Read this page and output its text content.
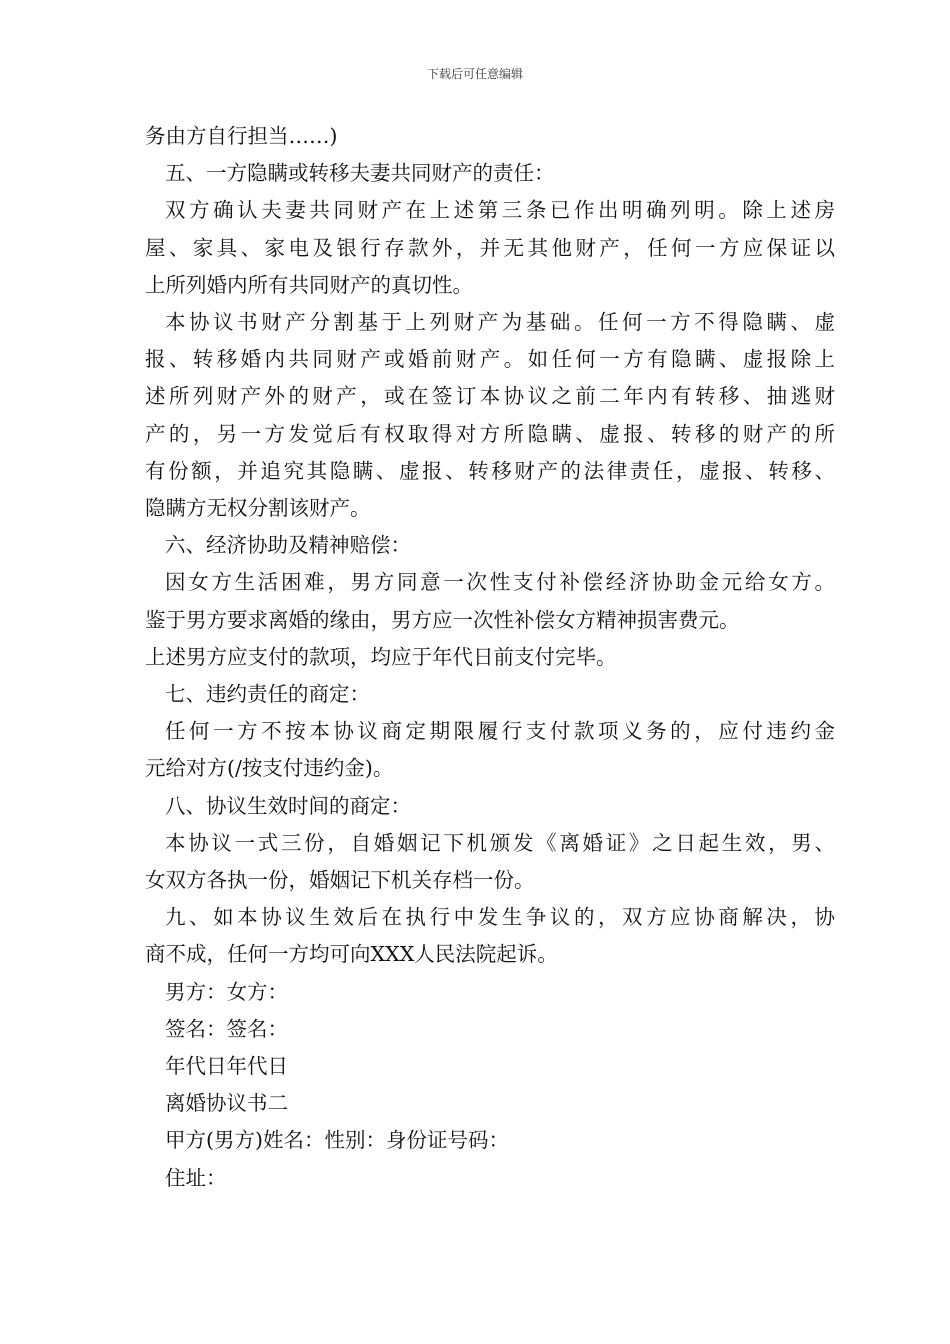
下载后可任意编辑
务由方自行担当……)
五、一方隐瞒或转移夫妻共同财产的责任：
双方确认夫妻共同财产在上述第三条已作出明确列明。除上述房
屋、家具、家电及银行存款外，并无其他财产，任何一方应保证以
上所列婚内所有共同财产的真切性。
本协议书财产分割基于上列财产为基础。任何一方不得隐瞒、虚
报、转移婚内共同财产或婚前财产。如任何一方有隐瞒、虚报除上
述所列财产外的财产，或在签订本协议之前二年内有转移、抽逃财
产的，另一方发觉后有权取得对方所隐瞒、虚报、转移的财产的所
有份额，并追究其隐瞒、虚报、转移财产的法律责任，虚报、转移、
隐瞒方无权分割该财产。
六、经济协助及精神赔偿：
因女方生活困难，男方同意一次性支付补偿经济协助金元给女方。
鉴于男方要求离婚的缘由，男方应一次性补偿女方精神损害费元。
上述男方应支付的款项，均应于年代日前支付完毕。
七、违约责任的商定：
任何一方不按本协议商定期限履行支付款项义务的，应付违约金
元给对方(/按支付违约金)。
八、协议生效时间的商定：
本协议一式三份，自婚姻记下机颁发《离婚证》之日起生效，男、
女双方各执一份，婚姻记下机关存档一份。
九、如本协议生效后在执行中发生争议的，双方应协商解决，协
商不成，任何一方均可向XXX人民法院起诉。
男方：女方：
签名：签名：
年代日年代日
离婚协议书二
甲方(男方)姓名：性别：身份证号码：
住址：
